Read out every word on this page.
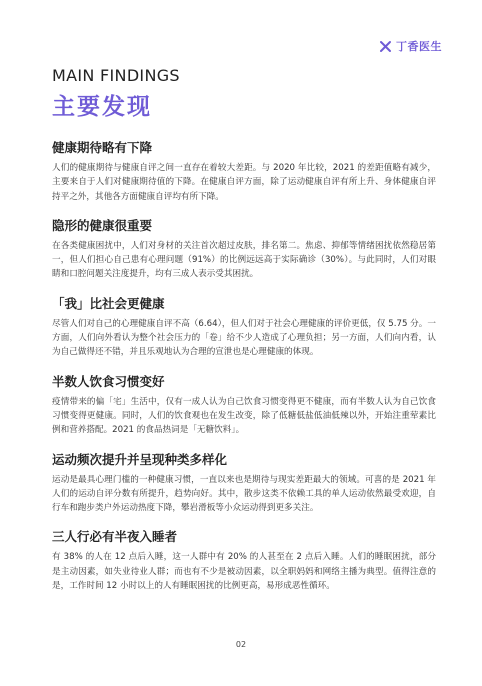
丁香医生
MAIN FINDINGS
主要发现
健康期待略有下降

人们的健康期待与健康自评之间一直存在着较大差距。与 2020 年比较，2021 的差距值略有减少，主要来自于人们对健康期待值的下降。在健康自评方面，除了运动健康自评有所上升、身体健康自评持平之外，其他各方面健康自评均有所下降。

隐形的健康很重要

在各类健康困扰中，人们对身材的关注首次超过皮肤，排名第二。焦虑、抑郁等情绪困扰依然稳居第一，但人们担心自己患有心理问题（91%）的比例远远高于实际确诊（30%）。与此同时，人们对眼睛和口腔问题关注度提升，均有三成人表示受其困扰。

「我」比社会更健康

尽管人们对自己的心理健康自评不高（6.64），但人们对于社会心理健康的评价更低，仅 5.75 分。一方面，人们向外看认为整个社会压力的「卷」给不少人造成了心理负担；另一方面，人们向内看，认为自己做得还不错，并且乐观地认为合理的宣泄也是心理健康的体现。

半数人饮食习惯变好

疫情带来的偏「宅」生活中，仅有一成人认为自己饮食习惯变得更不健康，而有半数人认为自己饮食习惯变得更健康。同时，人们的饮食观也在发生改变，除了低糖低盐低油低辣以外，开始注重荤素比例和营养搭配。2021 的食品热词是「无糖饮料」。

运动频次提升并呈现种类多样化

运动是最具心理门槛的一种健康习惯，一直以来也是期待与现实差距最大的领域。可喜的是 2021 年人们的运动自评分数有所提升，趋势向好。其中，散步这类不依赖工具的单人运动依然最受欢迎，自行车和跑步类户外运动热度下降，攀岩滑板等小众运动得到更多关注。

三人行必有半夜入睡者

有 38% 的人在 12 点后入睡，这一人群中有 20% 的人甚至在 2 点后入睡。人们的睡眠困扰，部分是主动因素，如失业待业人群；而也有不少是被动因素，以全职妈妈和网络主播为典型。值得注意的是，工作时间 12 小时以上的人有睡眠困扰的比例更高，易形成恶性循环。

02
